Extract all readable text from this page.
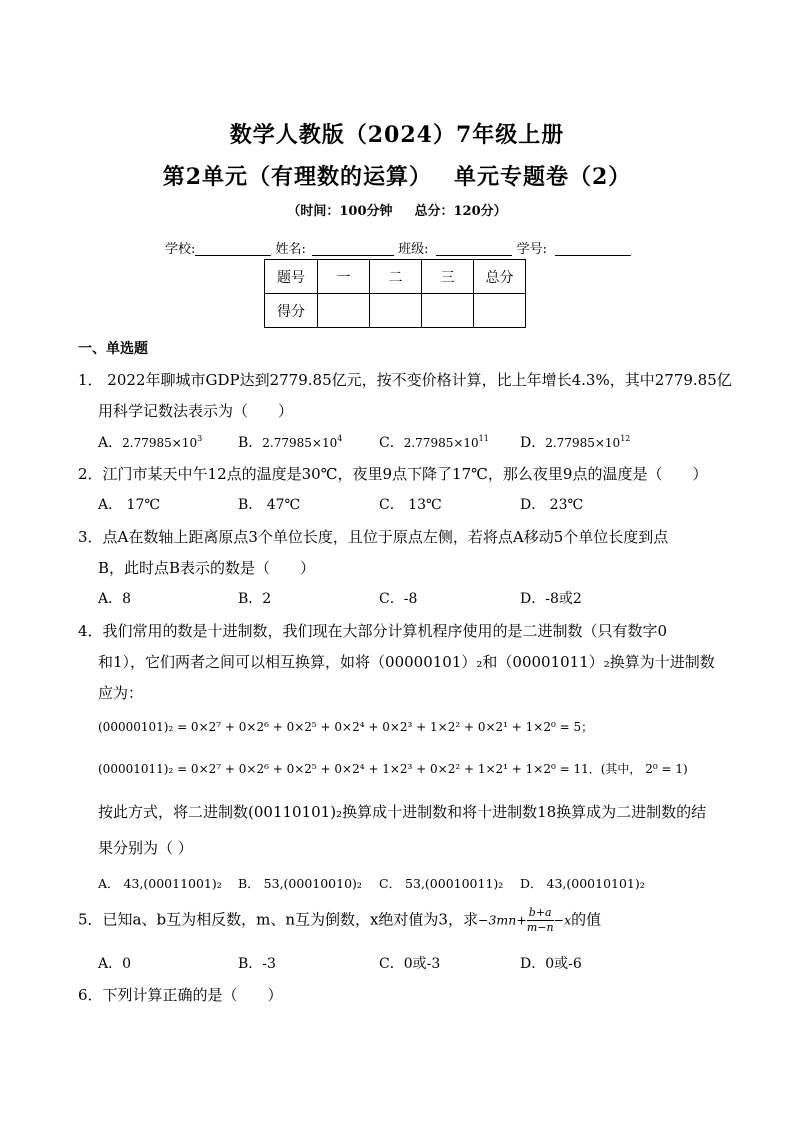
数学人教版（2024）7年级上册
第2单元（有理数的运算） 单元专题卷（2）
（时间：100分钟 总分：120分）
学校:	姓名:	班级:	学号:
题号	一	二	三	总分
得分				
一、单选题
1． 2022年聊城市GDP达到2779.85亿元，按不变价格计算，比上年增长4.3%，其中2779.85亿
用科学记数法表示为（　　）
A．$2.77985\times 10^3$	B．$2.77985\times 10^4$	C．$2.77985\times 10^{11}$ D．$2.77985\times 10^{12}$
2．江门市某天中午12点的温度是30℃，夜里9点下降了17℃，那么夜里9点的温度是（　　）
A． 17℃	B． 47℃	C． 13℃	D． 23℃
3．点A在数轴上距离原点3个单位长度，且位于原点左侧，若将点A移动5个单位长度到点
B，此时点B表示的数是（　　）
A．8	B．2	C．-8	D．-8或2
4．我们常用的数是十进制数，我们现在大部分计算机程序使用的是二进制数（只有数字0
和1），它们两者之间可以相互换算，如将（00000101）₂和（00001011）₂换算为十进制数
应为：
(00000101)₂ = 0×2⁷ + 0×2⁶ + 0×2⁵ + 0×2⁴ + 0×2³ + 1×2² + 0×2¹ + 1×2⁰ = 5；
(00001011)₂ = 0×2⁷ + 0×2⁶ + 0×2⁵ + 0×2⁴ + 1×2³ + 0×2² + 1×2¹ + 1×2⁰ = 11．(其中， 2⁰ = 1)
按此方式，将二进制数(00110101)₂换算成十进制数和将十进制数18换算成为二进制数的结
果分别为（ ）
A． 43,(00011001)₂ B． 53,(00010010)₂ C． 53,(00010011)₂ D． 43,(00010101)₂
5．已知a、b互为相反数，m、n互为倒数，x绝对值为3，求$-3mn+ \frac{b+a}{m-n} -x$的值
A．0	B．-3	C．0或-3	D．0或-6
6．下列计算正确的是（　　）
